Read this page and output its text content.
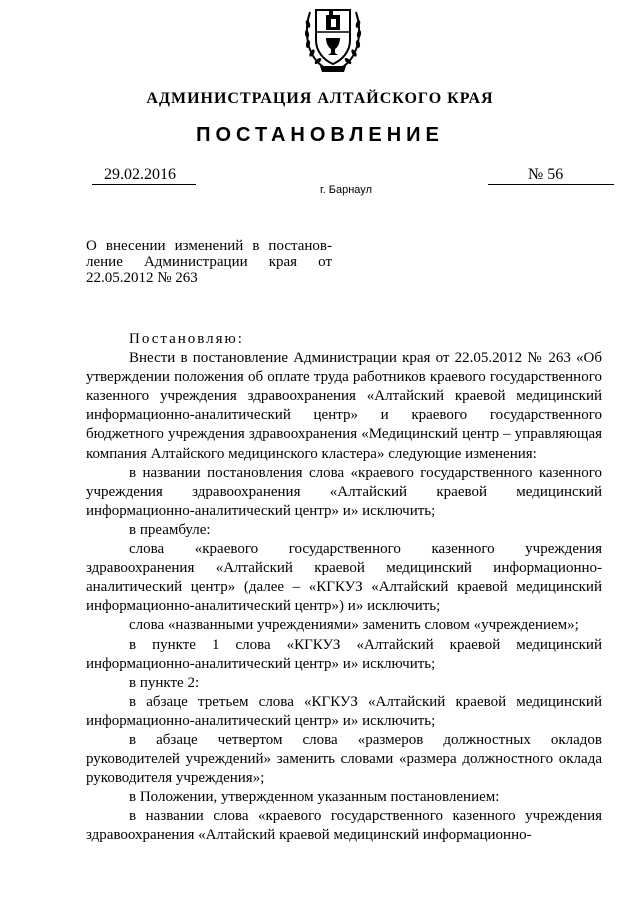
АДМИНИСТРАЦИЯ АЛТАЙСКОГО КРАЯ
ПОСТАНОВЛЕНИЕ
29.02.2016	№ 56
г. Барнаул
О внесении изменений в постанов-
ление Администрации края от
22.05.2012 № 263
Постановляю:
Внести в постановление Администрации края от 22.05.2012 № 263 «Об утверждении положения об оплате труда работников краевого государственного казенного учреждения здравоохранения «Алтайский краевой медицинский информационно-аналитический центр» и краевого государственного бюджетного учреждения здравоохранения «Медицинский центр – управляющая компания Алтайского медицинского кластера» следующие изменения:
в названии постановления слова «краевого государственного казенного учреждения здравоохранения «Алтайский краевой медицинский информационно-аналитический центр» и» исключить;
в преамбуле:
слова «краевого государственного казенного учреждения здравоохранения «Алтайский краевой медицинский информационно-аналитический центр» (далее – «КГКУЗ «Алтайский краевой медицинский информационно-аналитический центр») и» исключить;
слова «названными учреждениями» заменить словом «учреждением»;
в пункте 1 слова «КГКУЗ «Алтайский краевой медицинский информационно-аналитический центр» и» исключить;
в пункте 2:
в абзаце третьем слова «КГКУЗ «Алтайский краевой медицинский информационно-аналитический центр» и» исключить;
в абзаце четвертом слова «размеров должностных окладов руководителей учреждений» заменить словами «размера должностного оклада руководителя учреждения»;
в Положении, утвержденном указанным постановлением:
в названии слова «краевого государственного казенного учреждения здравоохранения «Алтайский краевой медицинский информационно-
